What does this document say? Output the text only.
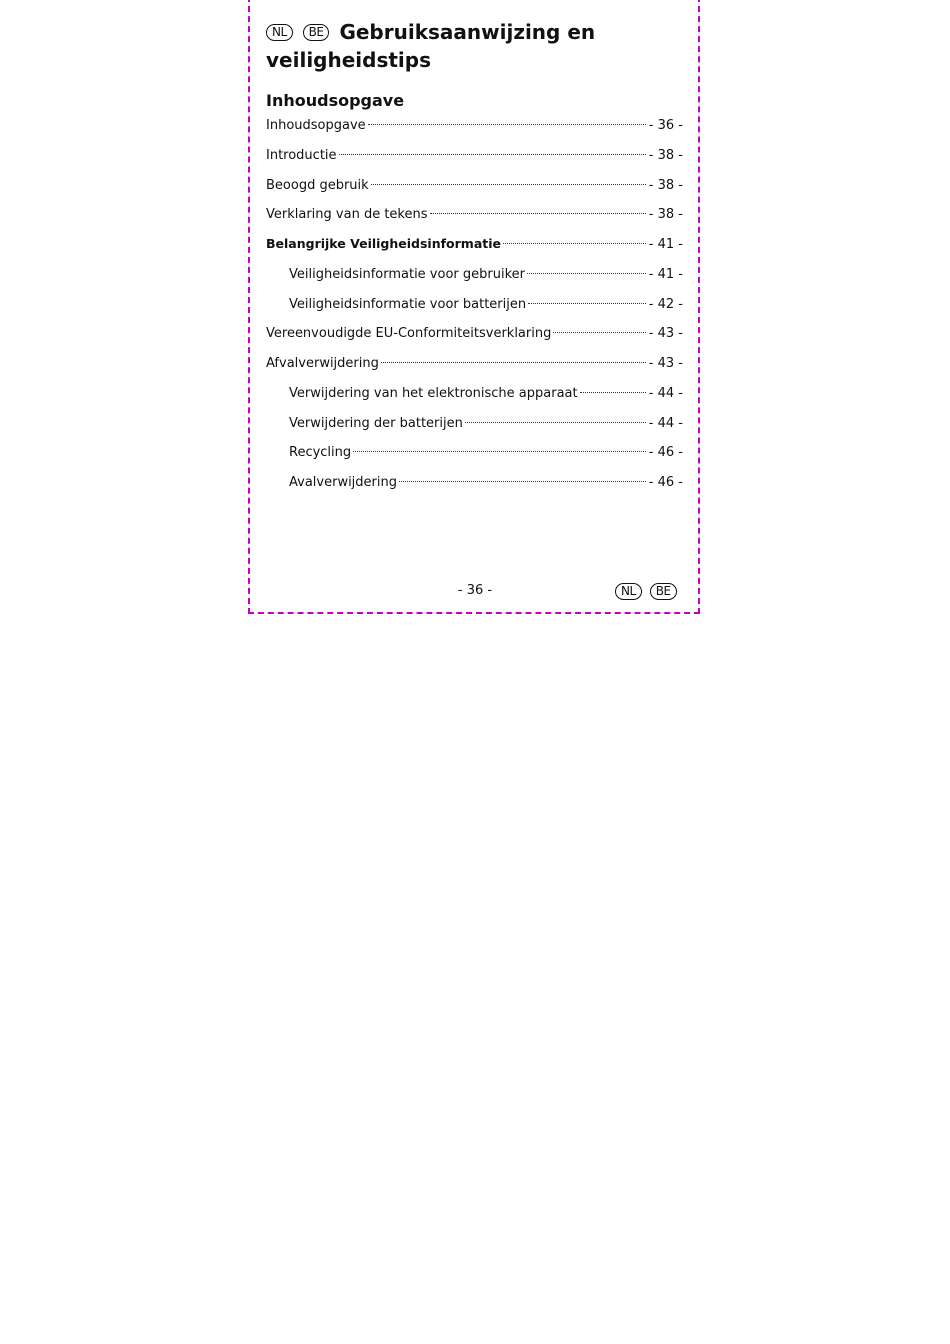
NL BE Gebruiksaanwijzing en veiligheidstips
Inhoudsopgave
Inhoudsopgave	- 36 -
Introductie	- 38 -
Beoogd gebruik	- 38 -
Verklaring van de tekens	- 38 -
Belangrijke Veiligheidsinformatie	- 41 -
Veiligheidsinformatie voor gebruiker	- 41 -
Veiligheidsinformatie voor batterijen	- 42 -
Vereenvoudigde EU-Conformiteitsverklaring	- 43 -
Afvalverwijdering	- 43 -
Verwijdering van het elektronische apparaat	- 44 -
Verwijdering der batterijen	- 44 -
Recycling	- 46 -
Avalverwijdering	- 46 -
- 36 -	NL BE
